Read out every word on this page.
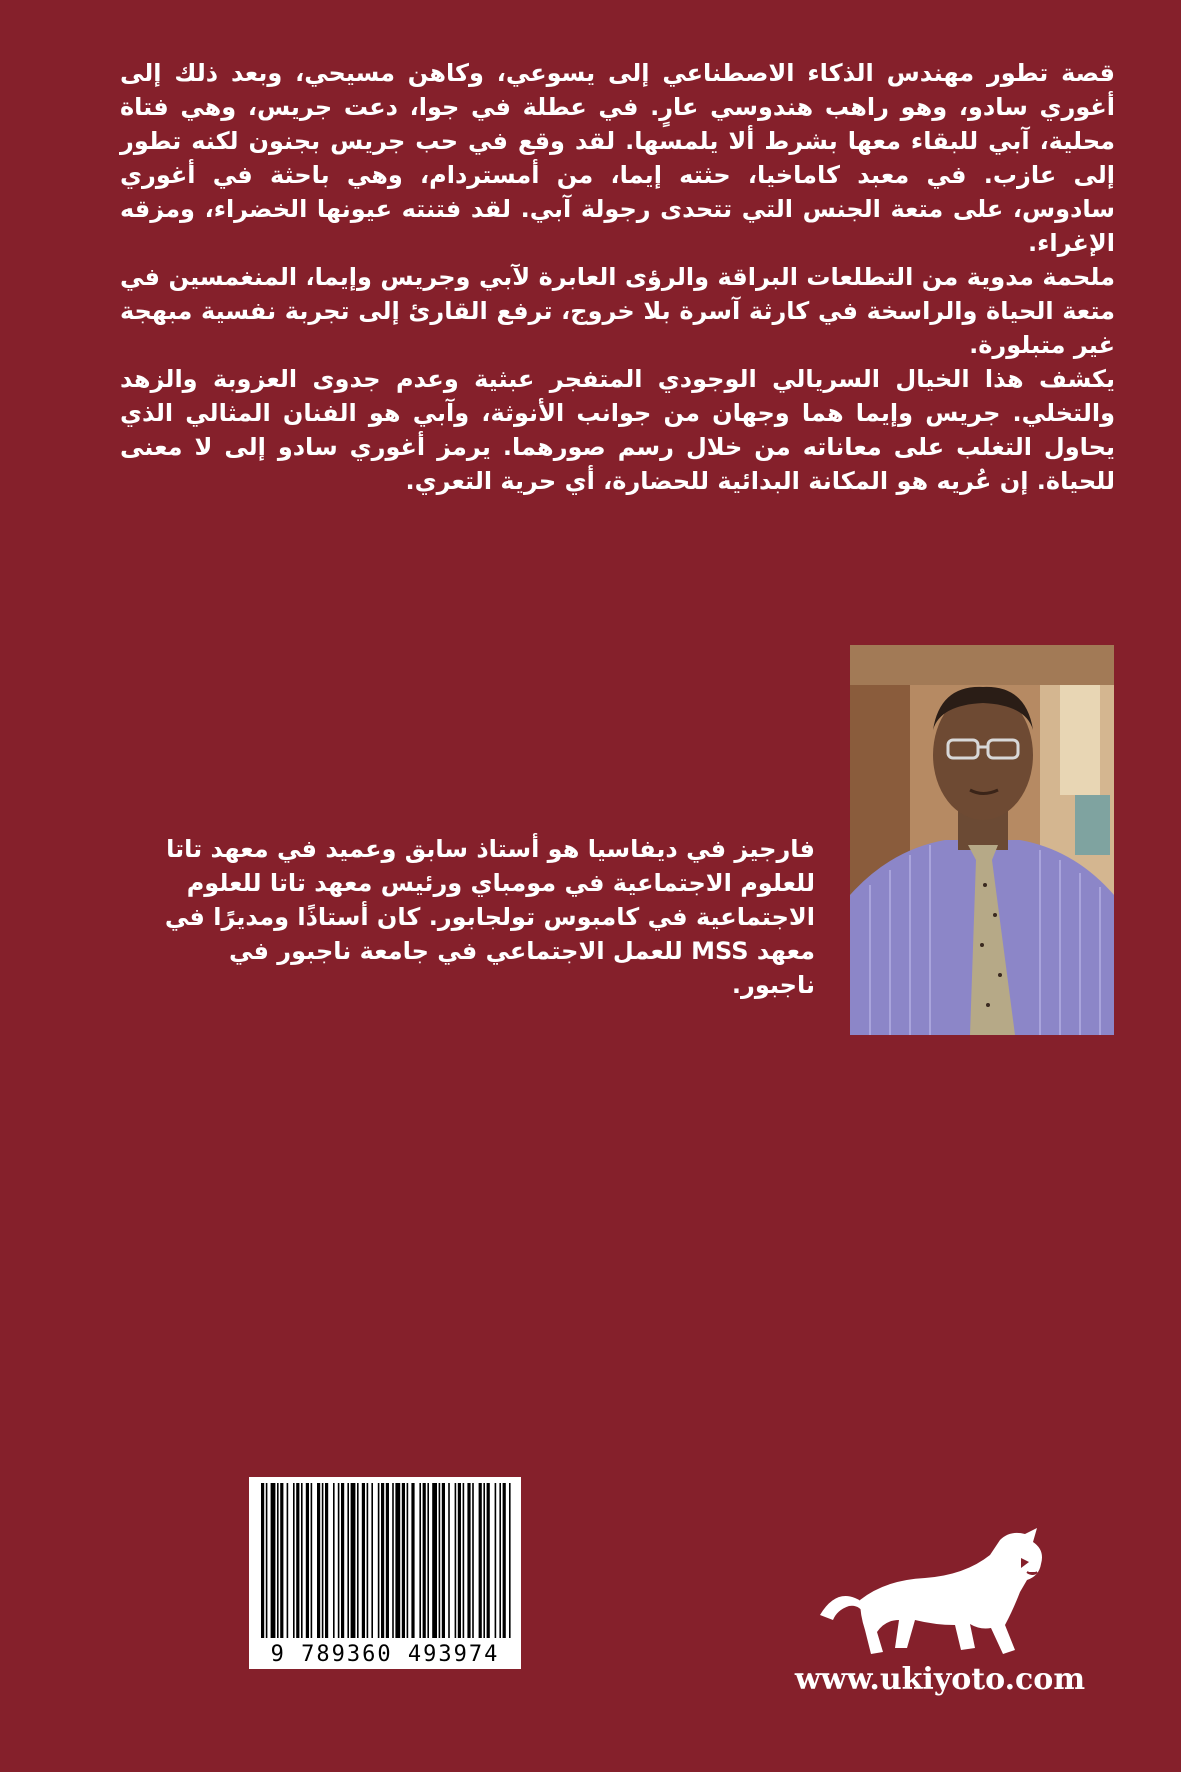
قصة تطور مهندس الذكاء الاصطناعي إلى يسوعي، وكاهن مسيحي، وبعد ذلك إلى أغوري سادو، وهو راهب هندوسي عارٍ. في عطلة في جوا، دعت جريس، وهي فتاة محلية، آبي للبقاء معها بشرط ألا يلمسها. لقد وقع في حب جريس بجنون لكنه تطور إلى عازب. في معبد كاماخيا، حثته إيما، من أمستردام، وهي باحثة في أغوري سادوس، على متعة الجنس التي تتحدى رجولة آبي. لقد فتنته عيونها الخضراء، ومزقه الإغراء.

ملحمة مدوية من التطلعات البراقة والرؤى العابرة لآبي وجريس وإيما، المنغمسين في متعة الحياة والراسخة في كارثة آسرة بلا خروج، ترفع القارئ إلى تجربة نفسية مبهجة غير متبلورة.

يكشف هذا الخيال السريالي الوجودي المتفجر عبثية وعدم جدوى العزوبة والزهد والتخلي. جريس وإيما هما وجهان من جوانب الأنوثة، وآبي هو الفنان المثالي الذي يحاول التغلب على معاناته من خلال رسم صورهما. يرمز أغوري سادو إلى لا معنى للحياة. إن عُريه هو المكانة البدائية للحضارة، أي حرية التعري.

فارجيز في ديفاسيا هو أستاذ سابق وعميد في معهد تاتا للعلوم الاجتماعية في مومباي ورئيس معهد تاتا للعلوم الاجتماعية في كامبوس تولجابور. كان أستاذًا ومديرًا في معهد MSS للعمل الاجتماعي في جامعة ناجبور في ناجبور.
9 789360 493974
www.ukiyoto.com
